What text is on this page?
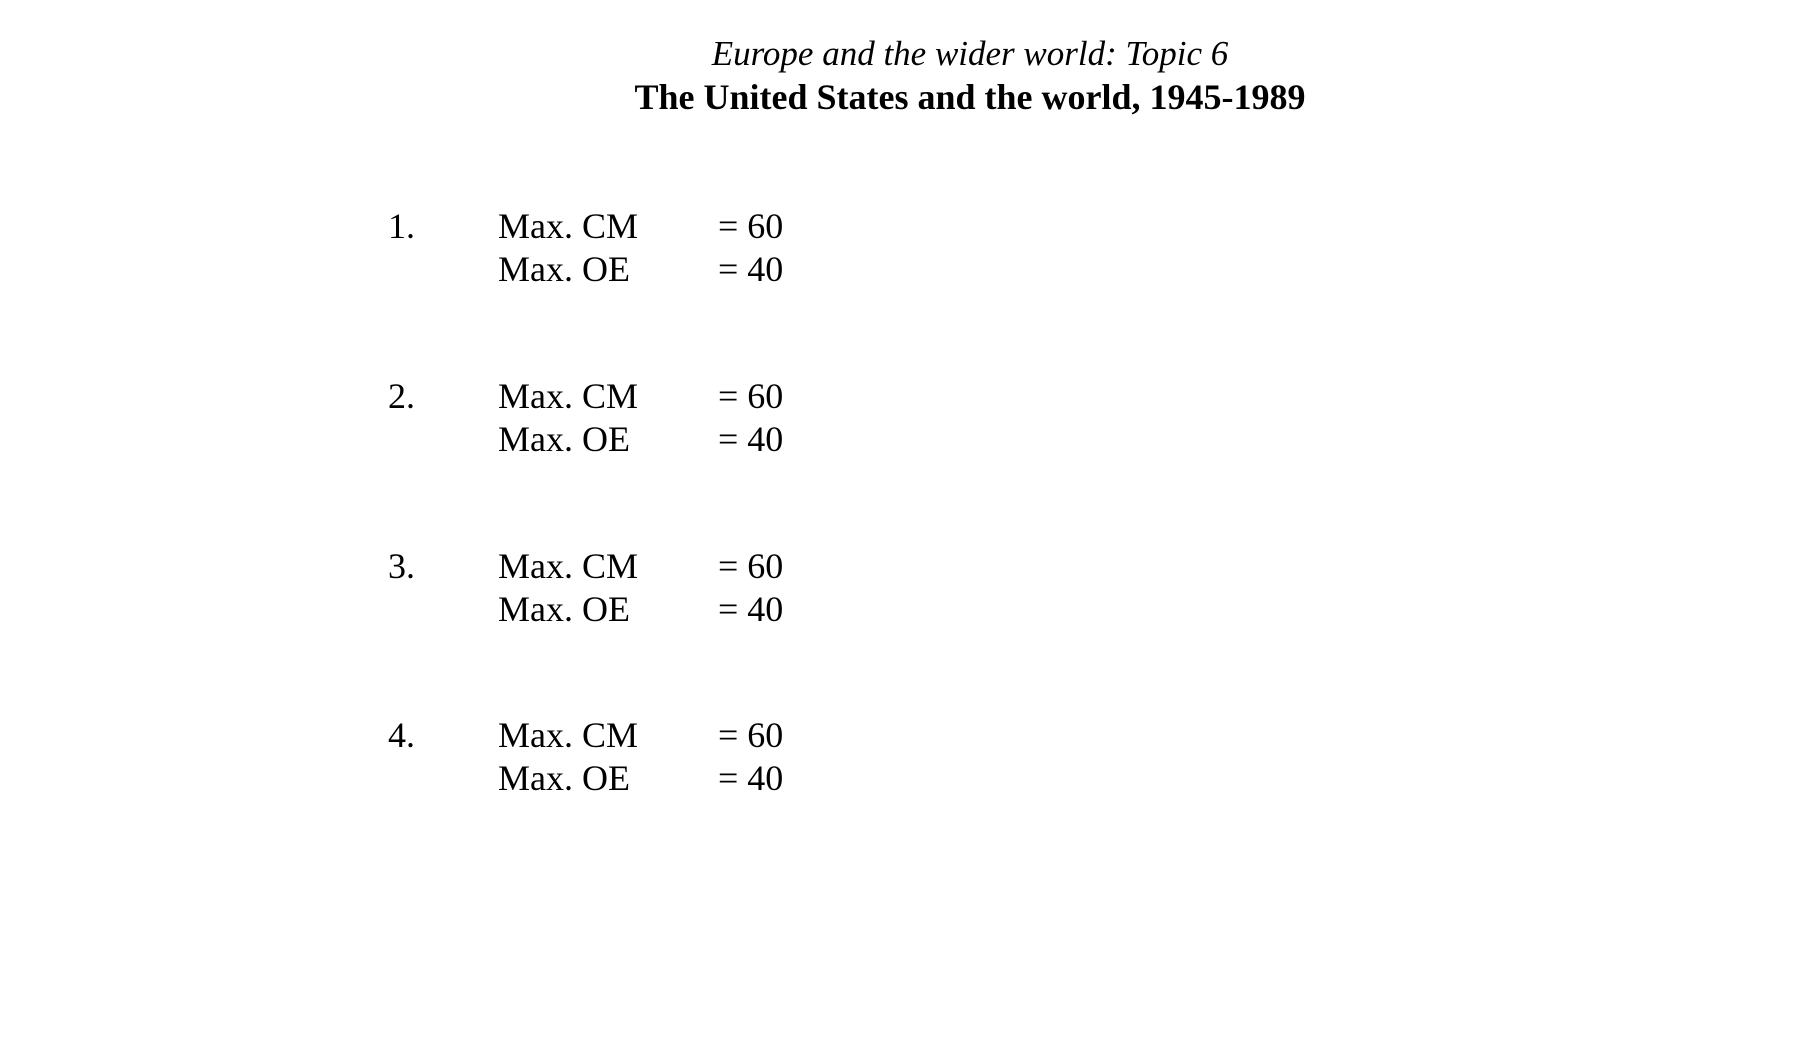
Europe and the wider world: Topic 6
The United States and the world, 1945-1989
1. Max. CM = 60
Max. OE = 40
2. Max. CM = 60
Max. OE = 40
3. Max. CM = 60
Max. OE = 40
4. Max. CM = 60
Max. OE = 40
